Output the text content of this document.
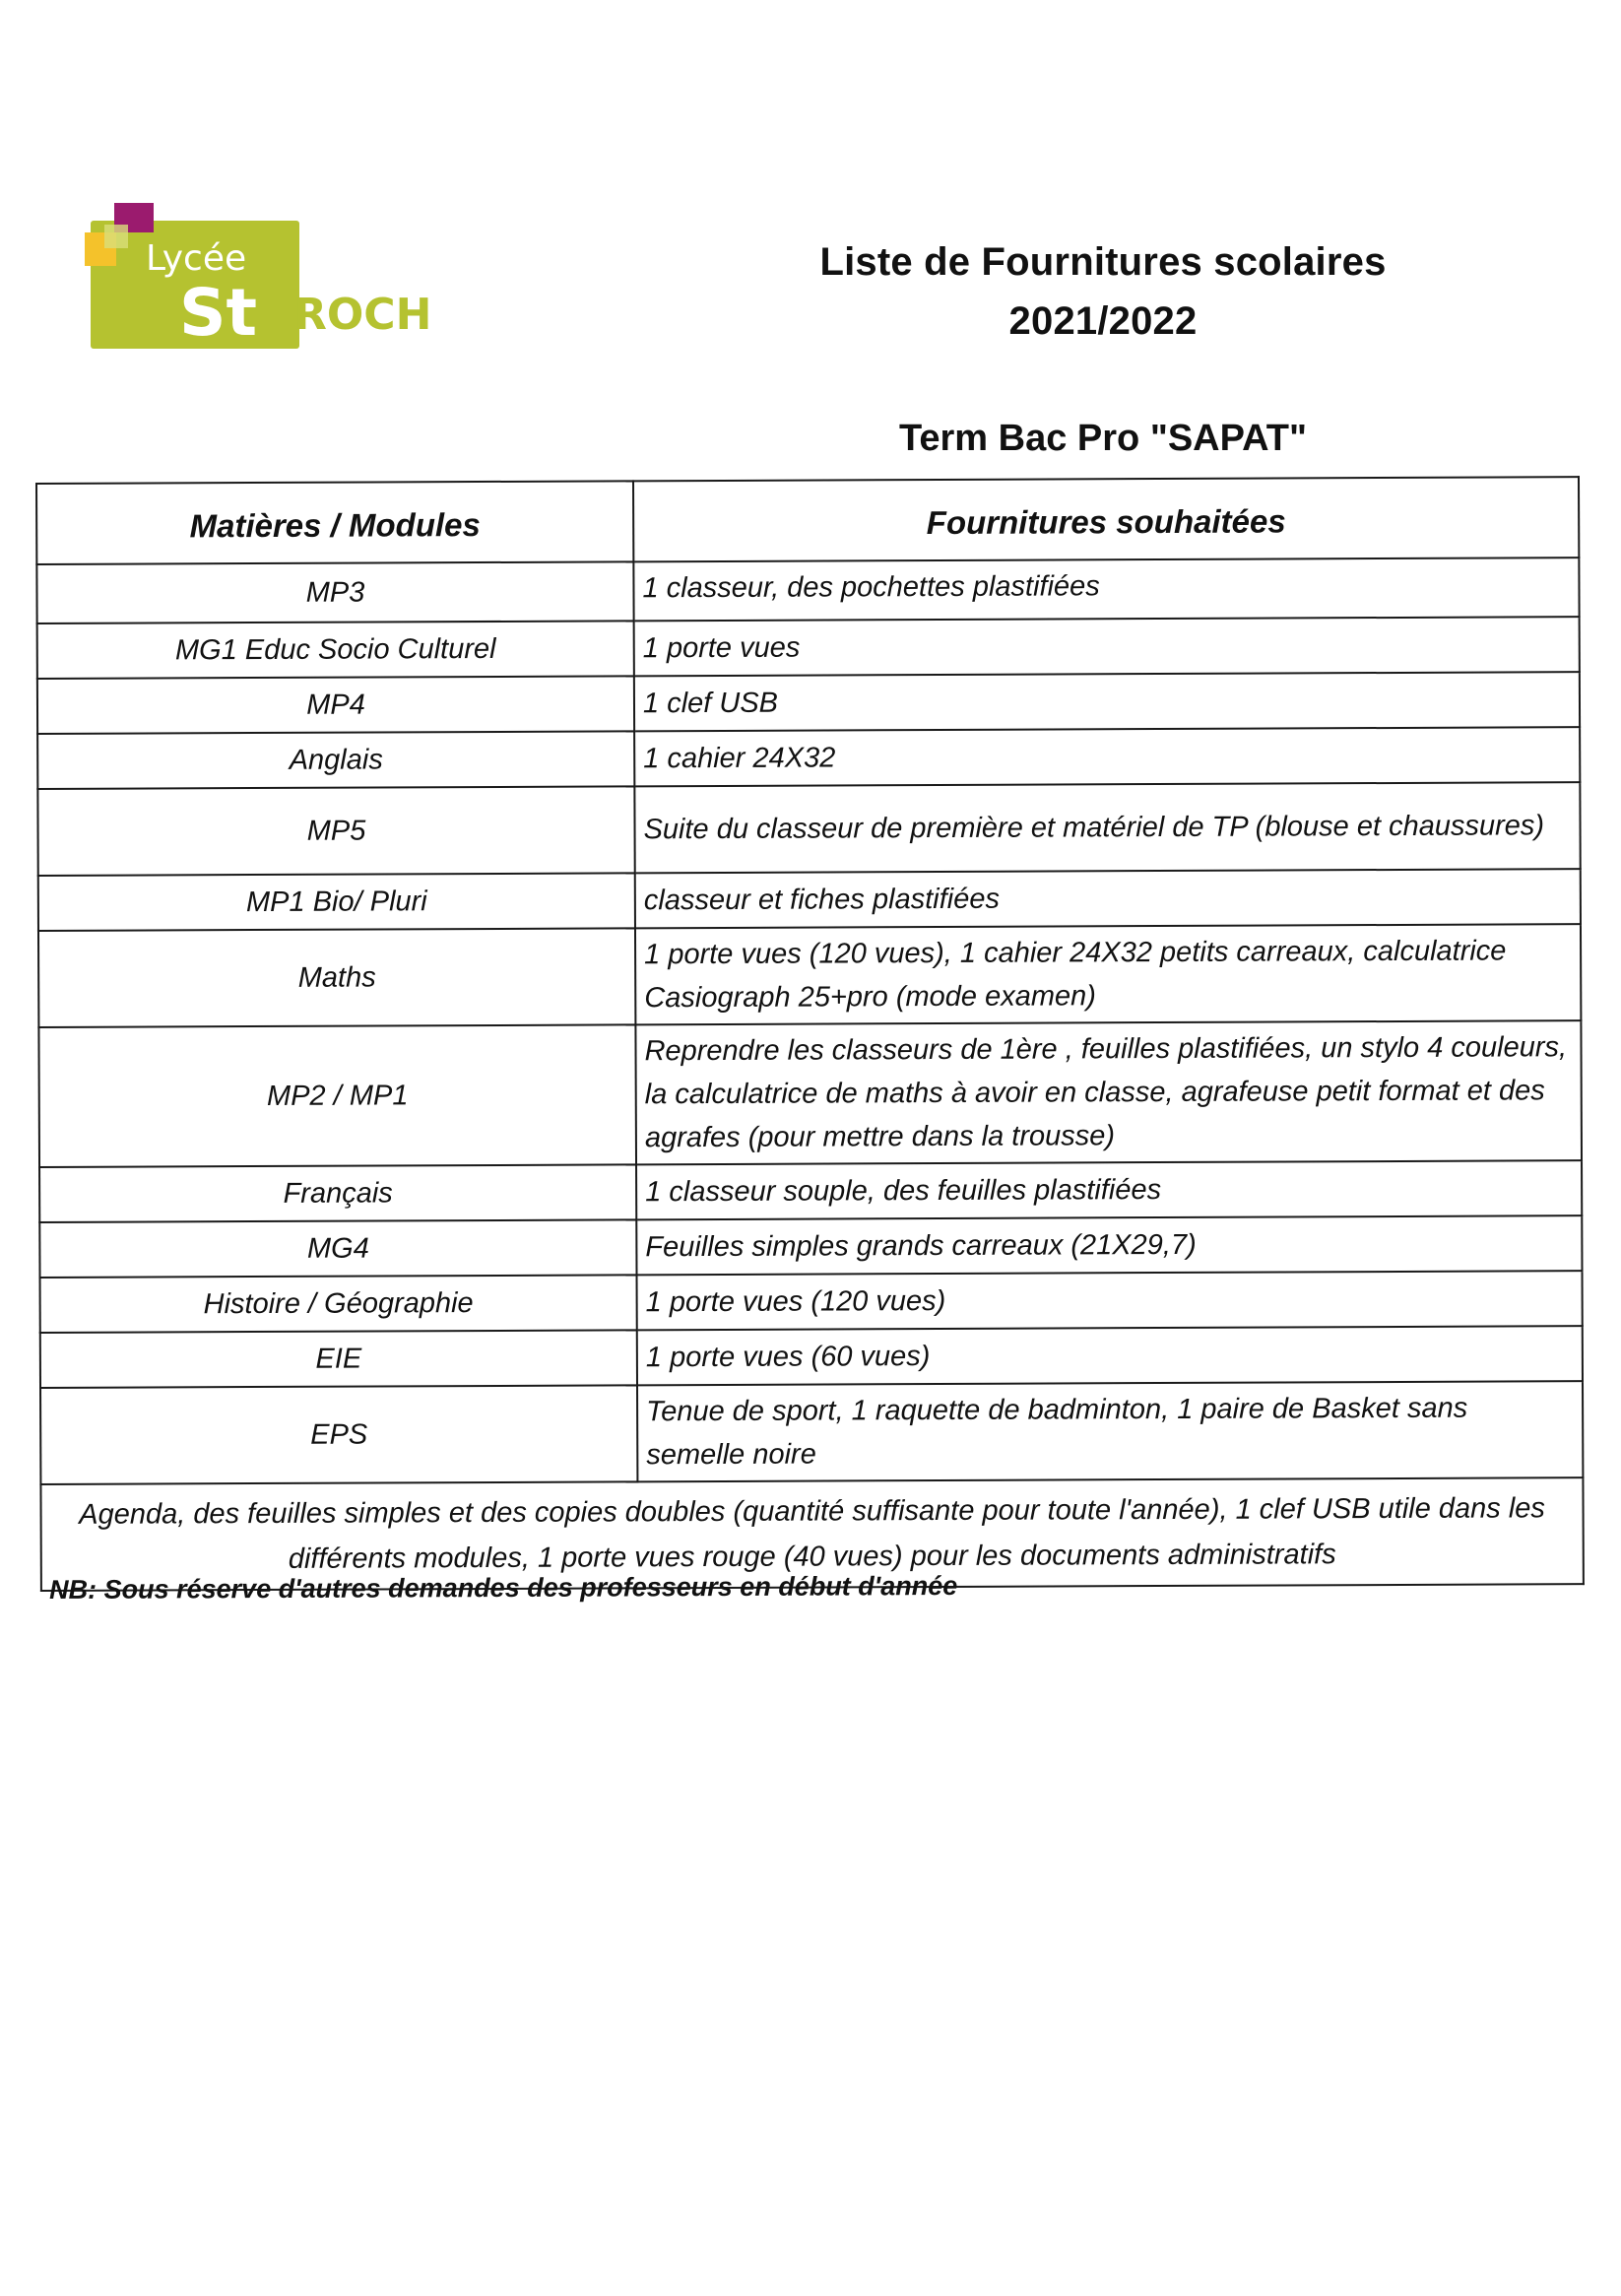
Lycée
St ROCH
Liste de Fournitures scolaires
2021/2022
Term Bac Pro "SAPAT"
Matières / Modules	Fournitures souhaitées
MP3	1 classeur, des pochettes plastifiées
MG1 Educ Socio Culturel	1 porte vues
MP4	1 clef USB
Anglais	1 cahier 24X32
MP5	Suite du classeur de première et matériel de TP (blouse et chaussures)
MP1 Bio/ Pluri	classeur et fiches plastifiées
Maths	1 porte vues (120 vues), 1 cahier 24X32 petits carreaux, calculatrice Casiograph 25+pro (mode examen)
MP2 / MP1	Reprendre les classeurs de 1ère , feuilles plastifiées, un stylo 4 couleurs, la calculatrice de maths à avoir en classe, agrafeuse petit format et des agrafes (pour mettre dans la trousse)
Français	1 classeur souple, des feuilles plastifiées
MG4	Feuilles simples grands carreaux (21X29,7)
Histoire / Géographie	1 porte vues (120 vues)
EIE	1 porte vues (60 vues)
EPS	Tenue de sport, 1 raquette de badminton, 1 paire de Basket sans semelle noire
Agenda, des feuilles simples et des copies doubles (quantité suffisante pour toute l'année), 1 clef USB utile dans les différents modules, 1 porte vues rouge (40 vues) pour les documents administratifs	
NB: Sous réserve d'autres demandes des professeurs en début d'année
